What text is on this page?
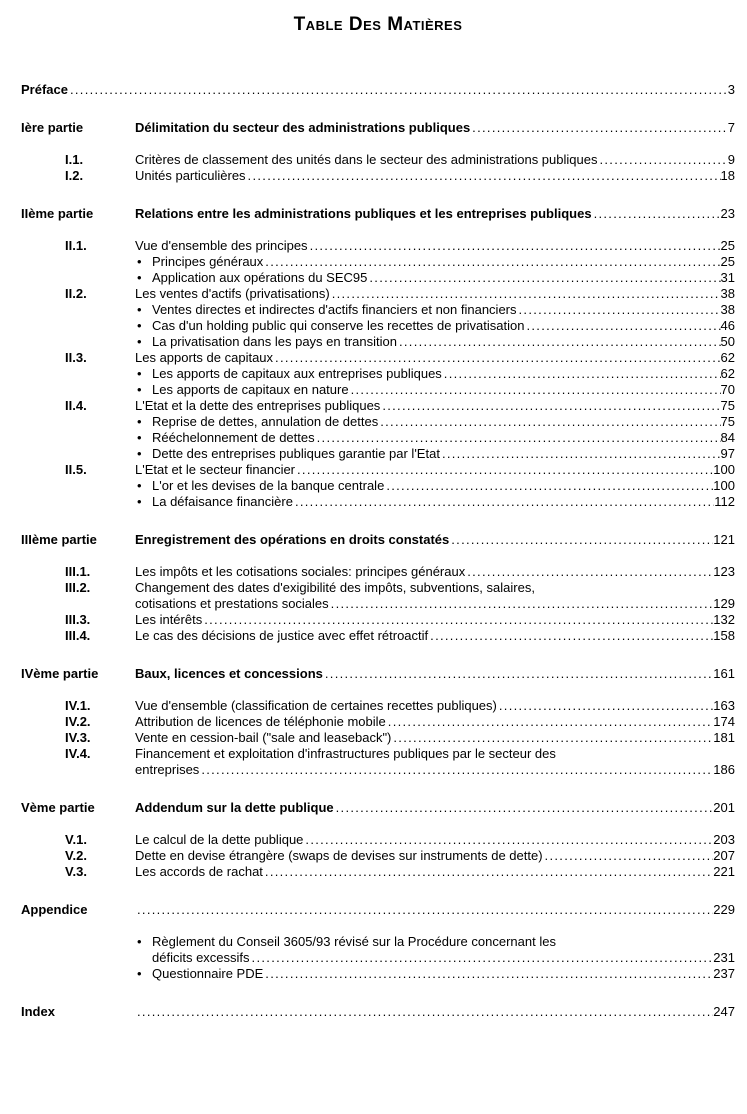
Table Des Matières
Préface .....	3
Ière partie	Délimitation du secteur des administrations publiques .....	7
I.1.	Critères de classement des unités dans le secteur des administrations publiques .....	9
I.2.	Unités particulières .....	18
IIème partie	Relations entre les administrations publiques et les entreprises publiques .....	23
II.1.	Vue d'ensemble des principes .....	25
• Principes généraux .....	25
• Application aux opérations du SEC95 .....	31
II.2.	Les ventes d'actifs (privatisations) .....	38
• Ventes directes et indirectes d'actifs financiers et non financiers .....	38
• Cas d'un holding public qui conserve les recettes de privatisation .....	46
• La privatisation dans les pays en transition .....	50
II.3.	Les apports de capitaux .....	62
• Les apports de capitaux aux entreprises publiques .....	62
• Les apports de capitaux en nature .....	70
II.4.	L'Etat et la dette des entreprises publiques .....	75
• Reprise de dettes, annulation de dettes .....	75
• Rééchelonnement de dettes .....	84
• Dette des entreprises publiques garantie par l'Etat .....	97
II.5.	L'Etat et le secteur financier .....	100
• L'or et les devises de la banque centrale .....	100
• La défaisance financière .....	112
IIIème partie	Enregistrement des opérations en droits constatés .....	121
III.1.	Les impôts et les cotisations sociales: principes généraux .....	123
III.2.	Changement des dates d'exigibilité des impôts, subventions, salaires,
cotisations et prestations sociales .....	129
III.3.	Les intérêts .....	132
III.4.	Le cas des décisions de justice avec effet rétroactif .....	158
IVème partie	Baux, licences et concessions .....	161
IV.1.	Vue d'ensemble (classification de certaines recettes publiques) .....	163
IV.2.	Attribution de licences de téléphonie mobile .....	174
IV.3.	Vente en cession-bail ("sale and leaseback") .....	181
IV.4.	Financement et exploitation d'infrastructures publiques par le secteur des
entreprises .....	186
Vème partie	Addendum sur la dette publique .....	201
V.1.	Le calcul de la dette publique .....	203
V.2.	Dette en devise étrangère (swaps de devises sur instruments de dette) .....	207
V.3.	Les accords de rachat .....	221
Appendice .....	229
• Règlement du Conseil 3605/93 révisé sur la Procédure concernant les
déficits excessifs .....	231
• Questionnaire PDE .....	237
Index .....	247
